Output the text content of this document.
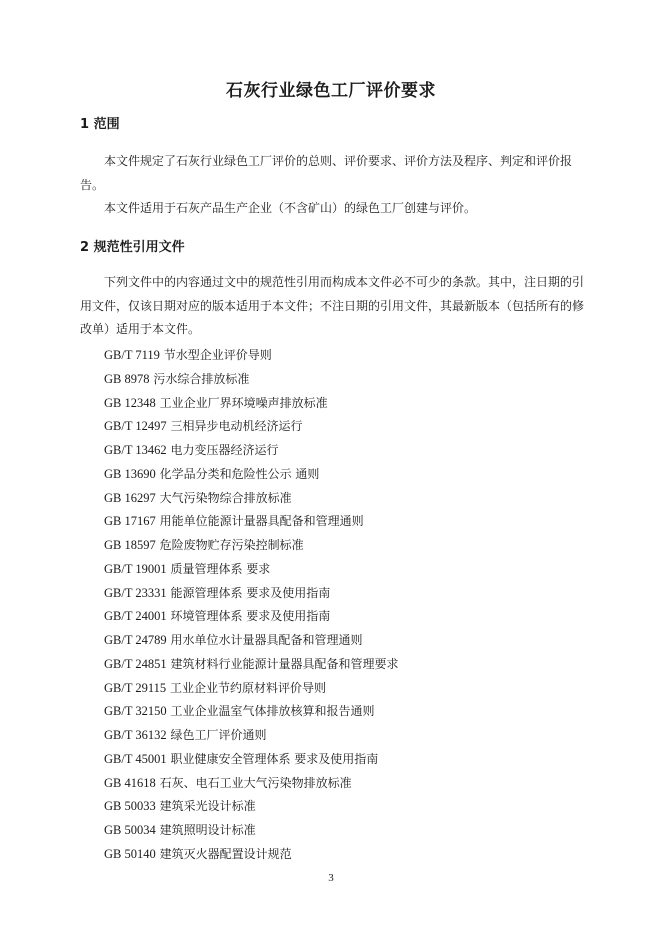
石灰行业绿色工厂评价要求
1 范围
本文件规定了石灰行业绿色工厂评价的总则、评价要求、评价方法及程序、判定和评价报告。
本文件适用于石灰产品生产企业（不含矿山）的绿色工厂创建与评价。
2 规范性引用文件
下列文件中的内容通过文中的规范性引用而构成本文件必不可少的条款。其中，注日期的引用文件，仅该日期对应的版本适用于本文件；不注日期的引用文件，其最新版本（包括所有的修改单）适用于本文件。
GB/T 7119 节水型企业评价导则
GB 8978 污水综合排放标准
GB 12348 工业企业厂界环境噪声排放标准
GB/T 12497 三相异步电动机经济运行
GB/T 13462 电力变压器经济运行
GB 13690 化学品分类和危险性公示 通则
GB 16297 大气污染物综合排放标准
GB 17167 用能单位能源计量器具配备和管理通则
GB 18597 危险废物贮存污染控制标准
GB/T 19001 质量管理体系 要求
GB/T 23331 能源管理体系 要求及使用指南
GB/T 24001 环境管理体系 要求及使用指南
GB/T 24789 用水单位水计量器具配备和管理通则
GB/T 24851 建筑材料行业能源计量器具配备和管理要求
GB/T 29115 工业企业节约原材料评价导则
GB/T 32150 工业企业温室气体排放核算和报告通则
GB/T 36132 绿色工厂评价通则
GB/T 45001 职业健康安全管理体系 要求及使用指南
GB 41618 石灰、电石工业大气污染物排放标准
GB 50033 建筑采光设计标准
GB 50034 建筑照明设计标准
GB 50140 建筑灭火器配置设计规范
3
